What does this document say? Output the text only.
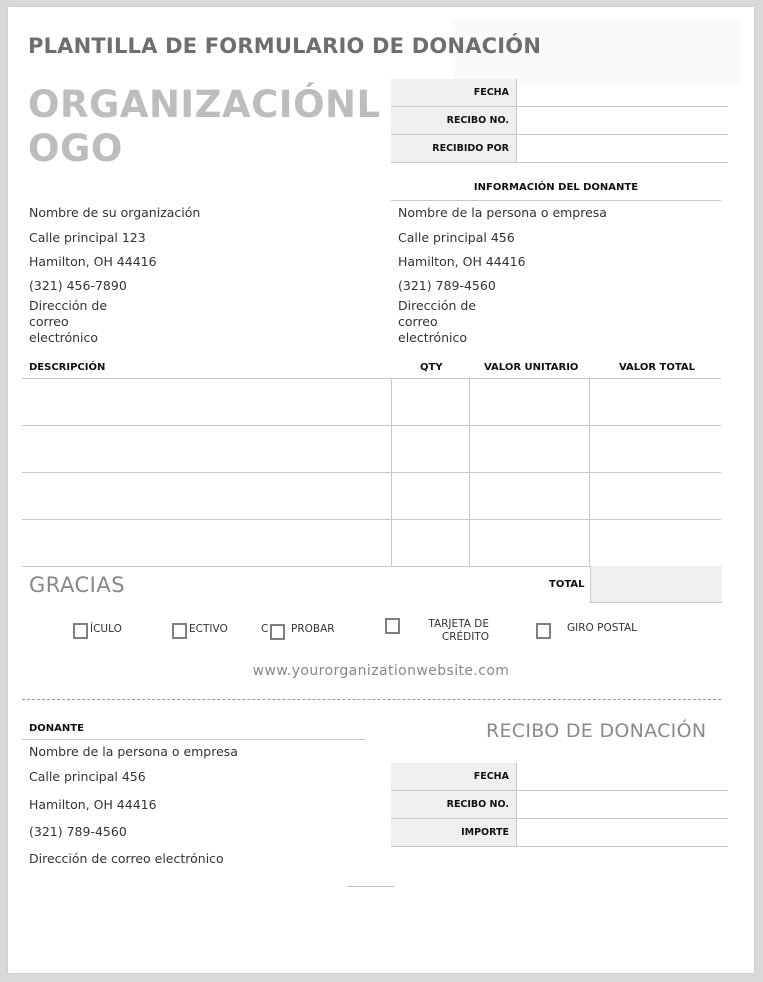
PLANTILLA DE FORMULARIO DE DONACIÓN
ORGANIZACIÓNL
OGO
FECHA	
RECIBO NO.	
RECIBIDO POR	
INFORMACIÓN DEL DONANTE
Nombre de su organización
Calle principal 123
Hamilton, OH 44416
(321) 456-7890
Dirección de correo electrónico
Nombre de la persona o empresa
Calle principal 456
Hamilton, OH 44416
(321) 789-4560
Dirección de correo electrónico
DESCRIPCIÓN	QTY	VALOR UNITARIO	VALOR TOTAL
GRACIAS	TOTAL
ÍCULO	ECTIVO	C PROBAR	TARJETA DE
CRÉDITO
GIRO POSTAL
www.yourorganizationwebsite.com
DONANTE
Nombre de la persona o empresa
Calle principal 456
Hamilton, OH 44416
(321) 789-4560
Dirección de correo electrónico
RECIBO DE DONACIÓN
FECHA	
RECIBO NO.	
IMPORTE	
